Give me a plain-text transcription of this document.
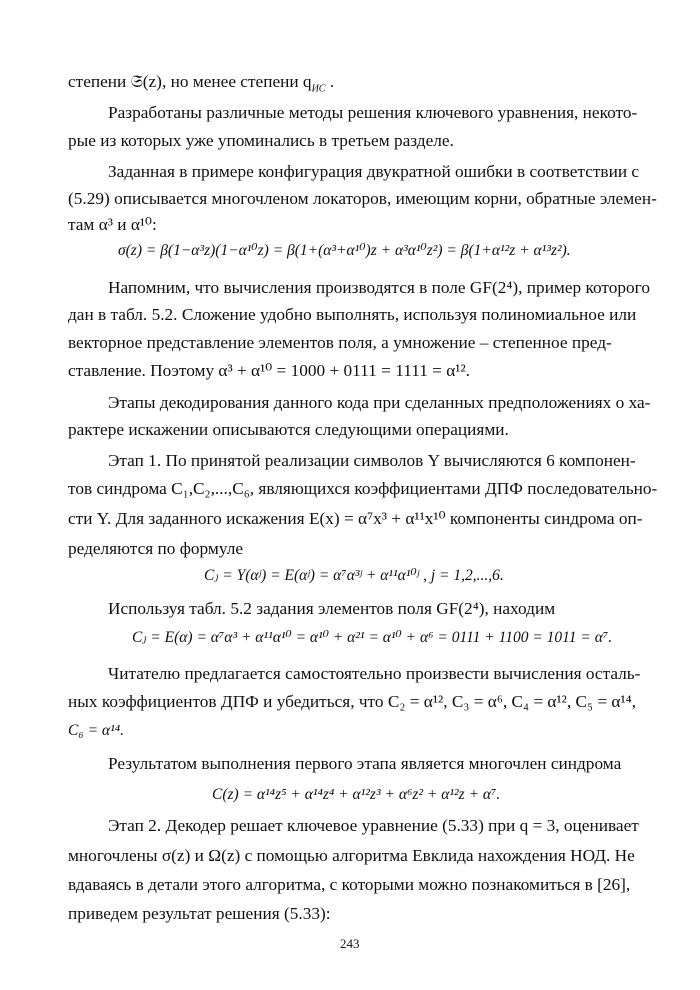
степени 𝔖(z), но менее степени $q_{ИС}$ .
Разработаны различные методы решения ключевого уравнения, некото-
рые из которых уже упоминались в третьем разделе.
Заданная в примере конфигурация двукратной ошибки в соответствии с
(5.29) описывается многочленом локаторов, имеющим корни, обратные элемен-
там α³ и α¹⁰:
σ(z) = β(1−α³z)(1−α¹⁰z) = β(1+(α³+α¹⁰)z + α³α¹⁰z²) = β(1+α¹²z + α¹³z²).
Напомним, что вычисления производятся в поле GF(2⁴), пример которого
дан в табл. 5.2. Сложение удобно выполнять, используя полиномиальное или
векторное представление элементов поля, а умножение – степенное пред-
ставление. Поэтому α³ + α¹⁰ = 1000 + 0111 = 1111 = α¹².
Этапы декодирования данного кода при сделанных предположениях о ха-
рактере искажении описываются следующими операциями.
Этап 1. По принятой реализации символов Y вычисляются 6 компонен-
тов синдрома C₁,C₂,...,C₆, являющихся коэффициентами ДПФ последовательно-
сти Y. Для заданного искажения E(x) = α⁷x³ + α¹¹x¹⁰ компоненты синдрома оп-
ределяются по формуле
Cⱼ = Y(αʲ) = E(αʲ) = α⁷α³ʲ + α¹¹α¹⁰ʲ , j = 1,2,...,6.
Используя табл. 5.2 задания элементов поля GF(2⁴), находим
Cⱼ = E(α) = α⁷α³ + α¹¹α¹⁰ = α¹⁰ + α²¹ = α¹⁰ + α⁶ = 0111 + 1100 = 1011 = α⁷.
Читателю предлагается самостоятельно произвести вычисления осталь-
ных коэффициентов ДПФ и убедиться, что C₂ = α¹², C₃ = α⁶, C₄ = α¹², C₅ = α¹⁴,
C₆ = α¹⁴.
Результатом выполнения первого этапа является многочлен синдрома
C(z) = α¹⁴z⁵ + α¹⁴z⁴ + α¹²z³ + α⁶z² + α¹²z + α⁷.
Этап 2. Декодер решает ключевое уравнение (5.33) при q = 3, оценивает
многочлены σ(z) и Ω(z) с помощью алгоритма Евклида нахождения НОД. Не
вдаваясь в детали этого алгоритма, с которыми можно познакомиться в [26],
приведем результат решения (5.33):
243
